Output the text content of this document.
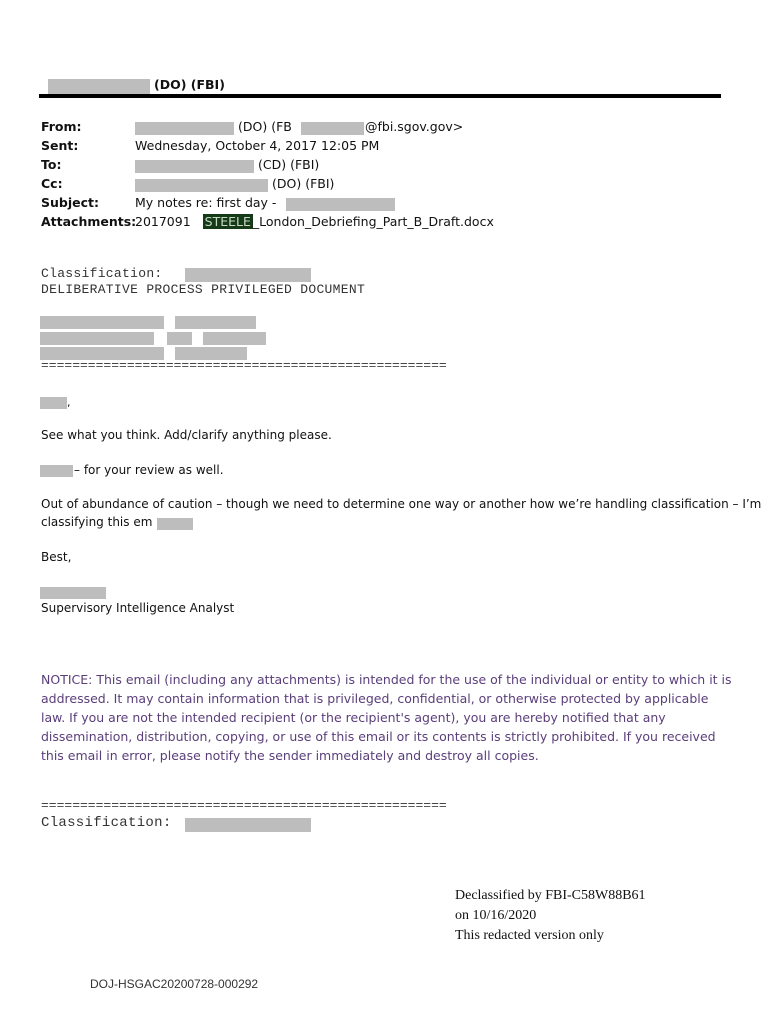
(DO) (FBI)
From:	(DO) (FB	@fbi.sgov.gov>
Sent:	Wednesday, October 4, 2017 12:05 PM
To:	(CD) (FBI)
Cc:	(DO) (FBI)
Subject:	My notes re: first day -
Attachments:
2017091 STEELE _London_Debriefing_Part_B_Draft.docx
Classification:
DELIBERATIVE PROCESS PRIVILEGED DOCUMENT
====================================================
,
See what you think. Add/clarify anything please.
– for your review as well.
Out of abundance of caution – though we need to determine one way or another how we’re handling classification – I’m
classifying this em
Best,
Supervisory Intelligence Analyst
NOTICE: This email (including any attachments) is intended for the use of the individual or entity to which it is
addressed. It may contain information that is privileged, confidential, or otherwise protected by applicable
law. If you are not the intended recipient (or the recipient's agent), you are hereby notified that any
dissemination, distribution, copying, or use of this email or its contents is strictly prohibited. If you received
this email in error, please notify the sender immediately and destroy all copies.
====================================================
Classification:
Declassified by FBI-C58W88B61
on 10/16/2020
This redacted version only
DOJ-HSGAC20200728-000292
